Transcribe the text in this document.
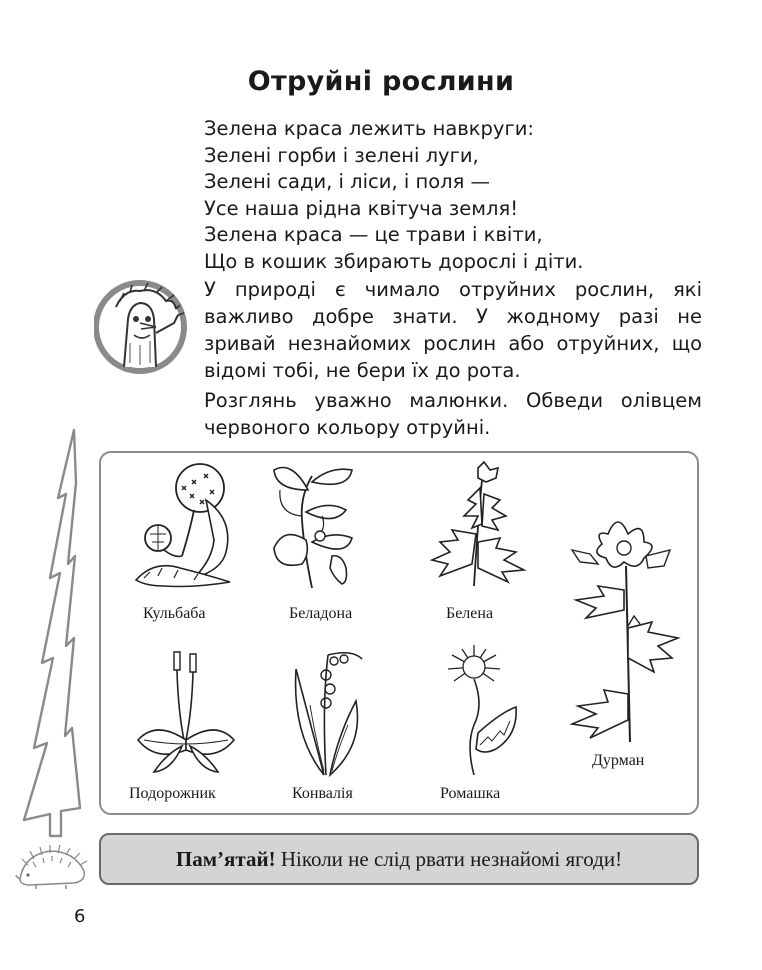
Отруйні рослини
Зелена краса лежить навкруги:
Зелені горби і зелені луги,
Зелені сади, і ліси, і поля —
Усе наша рідна квітуча земля!
Зелена краса — це трави і квіти,
Що в кошик збирають дорослі і діти.
У природі є чимало отруйних рослин, які важливо добре знати. У жодному разі не зривай незнайомих рослин або отруйних, що відомі тобі, не бери їх до рота.
Розглянь уважно малюнки. Обведи олівцем червоного кольору отруйні.
Кульбаба	Беладона	Белена
Дурман
Подорожник	Конвалія	Ромашка
Пам’ятай! Ніколи не слід рвати незнайомі ягоди!
6
